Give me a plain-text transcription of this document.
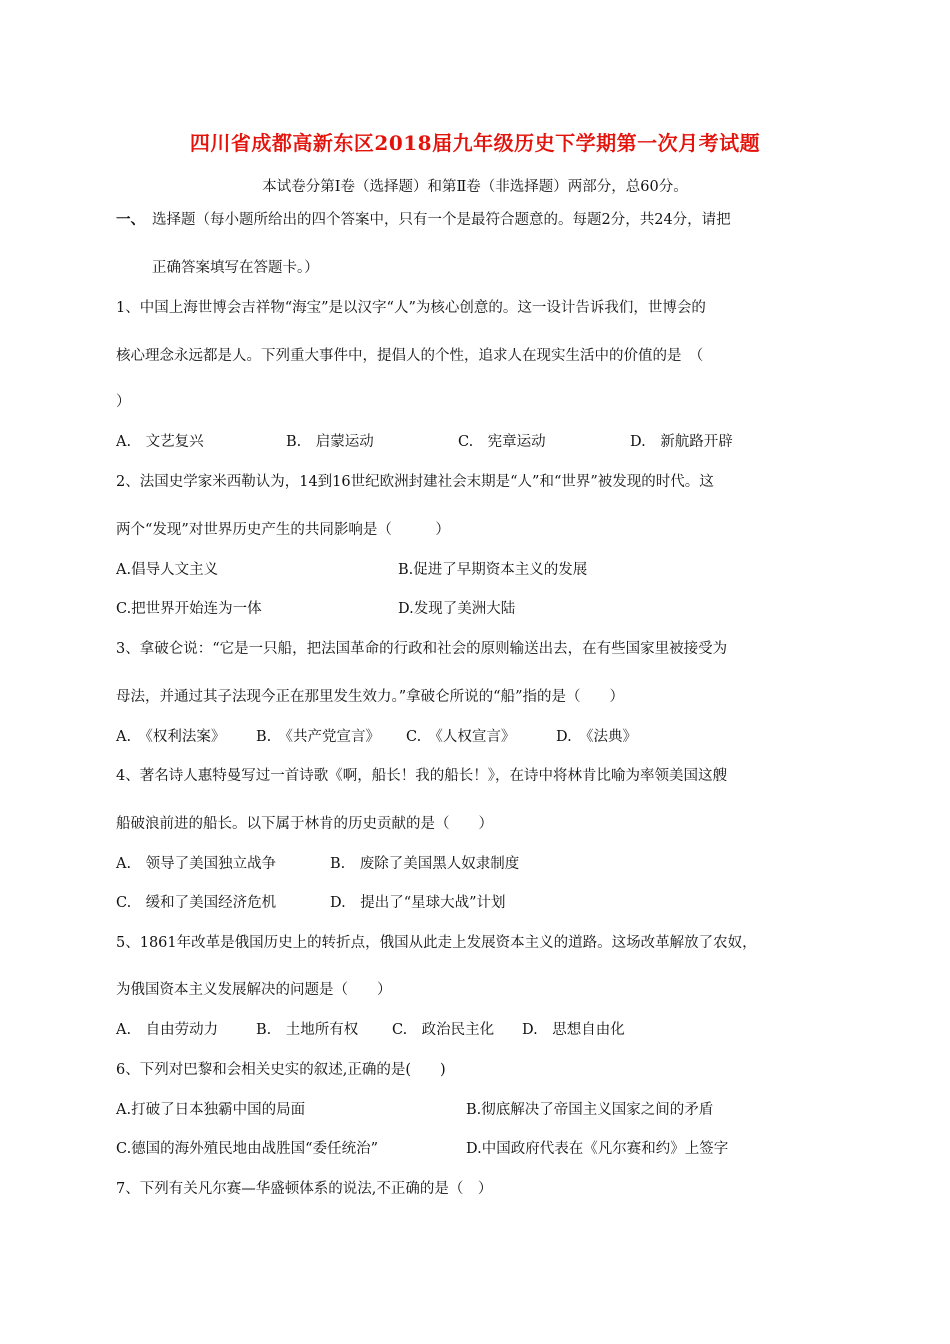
四川省成都高新东区2018届九年级历史下学期第一次月考试题
本试卷分第Ⅰ卷（选择题）和第Ⅱ卷（非选择题）两部分，总60分。
一、 选择题（每小题所给出的四个答案中，只有一个是最符合题意的。每题2分，共24分，请把
正确答案填写在答题卡。）
1、中国上海世博会吉祥物“海宝”是以汉字“人”为核心创意的。这一设计告诉我们，世博会的
核心理念永远都是人。下列重大事件中，提倡人的个性，追求人在现实生活中的价值的是　（
）
A.　文艺复兴	B.　启蒙运动	C.　宪章运动	D.　新航路开辟
2、法国史学家米西勒认为，14到16世纪欧洲封建社会末期是“人”和“世界”被发现的时代。这
两个“发现”对世界历史产生的共同影响是（　　　）
A.倡导人文主义	B.促进了早期资本主义的发展
C.把世界开始连为一体	D.发现了美洲大陆
3、拿破仑说：“它是一只船，把法国革命的行政和社会的原则输送出去，在有些国家里被接受为
母法，并通过其子法现今正在那里发生效力。”拿破仑所说的“船”指的是（　　）
A.　《权利法案》 B.　《共产党宣言》 C.　《人权宣言》	D.　《法典》
4、著名诗人惠特曼写过一首诗歌《啊，船长！我的船长！》，在诗中将林肯比喻为率领美国这艘
船破浪前进的船长。以下属于林肯的历史贡献的是（　　）
A.　领导了美国独立战争	B.　废除了美国黑人奴隶制度
C.　缓和了美国经济危机	D.　提出了“星球大战”计划
5、1861年改革是俄国历史上的转折点，俄国从此走上发展资本主义的道路。这场改革解放了农奴，
为俄国资本主义发展解决的问题是（　　）
A.　自由劳动力	B.　土地所有权 C.　政治民主化 D.　思想自由化
6、下列对巴黎和会相关史实的叙述,正确的是(　　)
A.打破了日本独霸中国的局面	B.彻底解决了帝国主义国家之间的矛盾
C.德国的海外殖民地由战胜国“委任统治”	D.中国政府代表在《凡尔赛和约》上签字
7、下列有关凡尔赛—华盛顿体系的说法,不正确的是（　）
